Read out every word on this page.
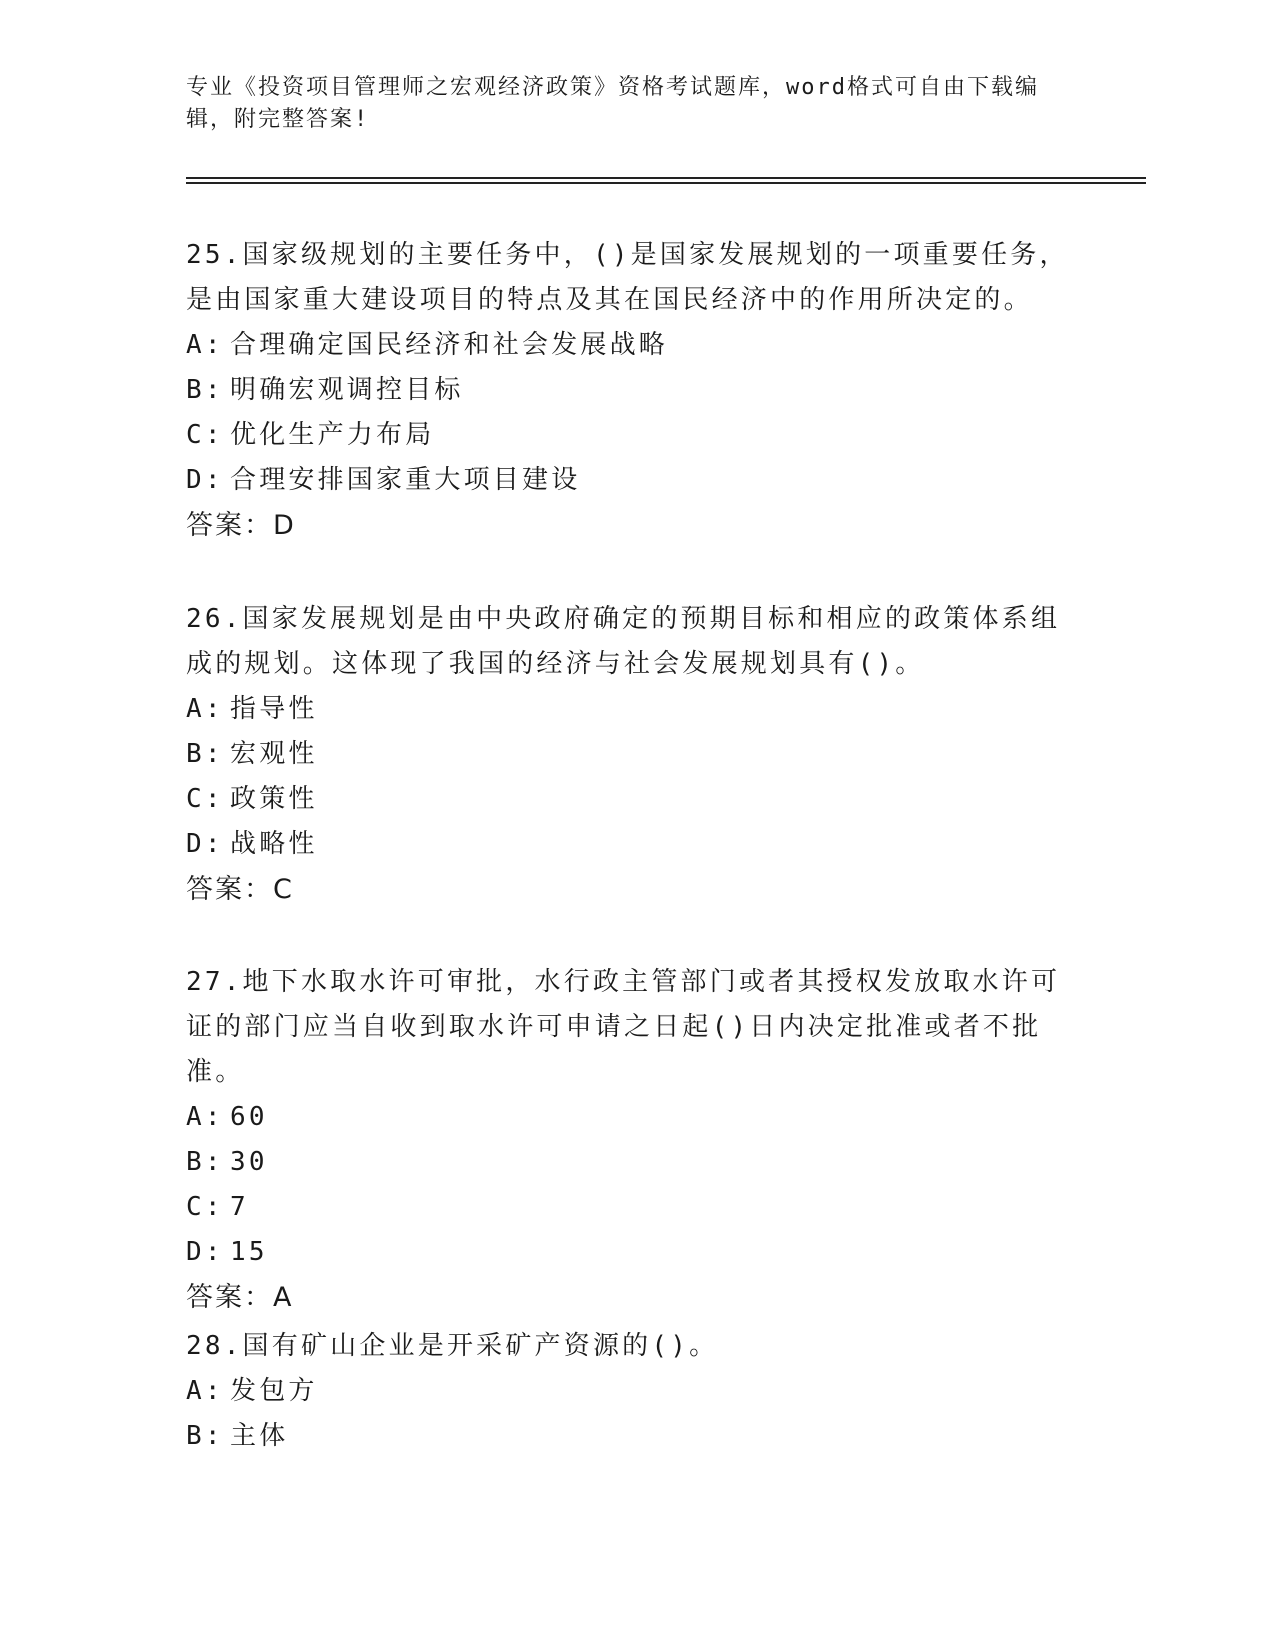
专业《投资项目管理师之宏观经济政策》资格考试题库，word格式可自由下载编辑，附完整答案!

25.国家级规划的主要任务中，()是国家发展规划的一项重要任务，是由国家重大建设项目的特点及其在国民经济中的作用所决定的。

A: 合理确定国民经济和社会发展战略
B: 明确宏观调控目标
C: 优化生产力布局
D: 合理安排国家重大项目建设
答案：D

26.国家发展规划是由中央政府确定的预期目标和相应的政策体系组成的规划。这体现了我国的经济与社会发展规划具有()。

A: 指导性
B: 宏观性
C: 政策性
D: 战略性
答案：C

27.地下水取水许可审批，水行政主管部门或者其授权发放取水许可证的部门应当自收到取水许可申请之日起()日内决定批准或者不批准。

A: 60
B: 30
C: 7
D: 15
答案：A

28.国有矿山企业是开采矿产资源的()。

A: 发包方
B: 主体
